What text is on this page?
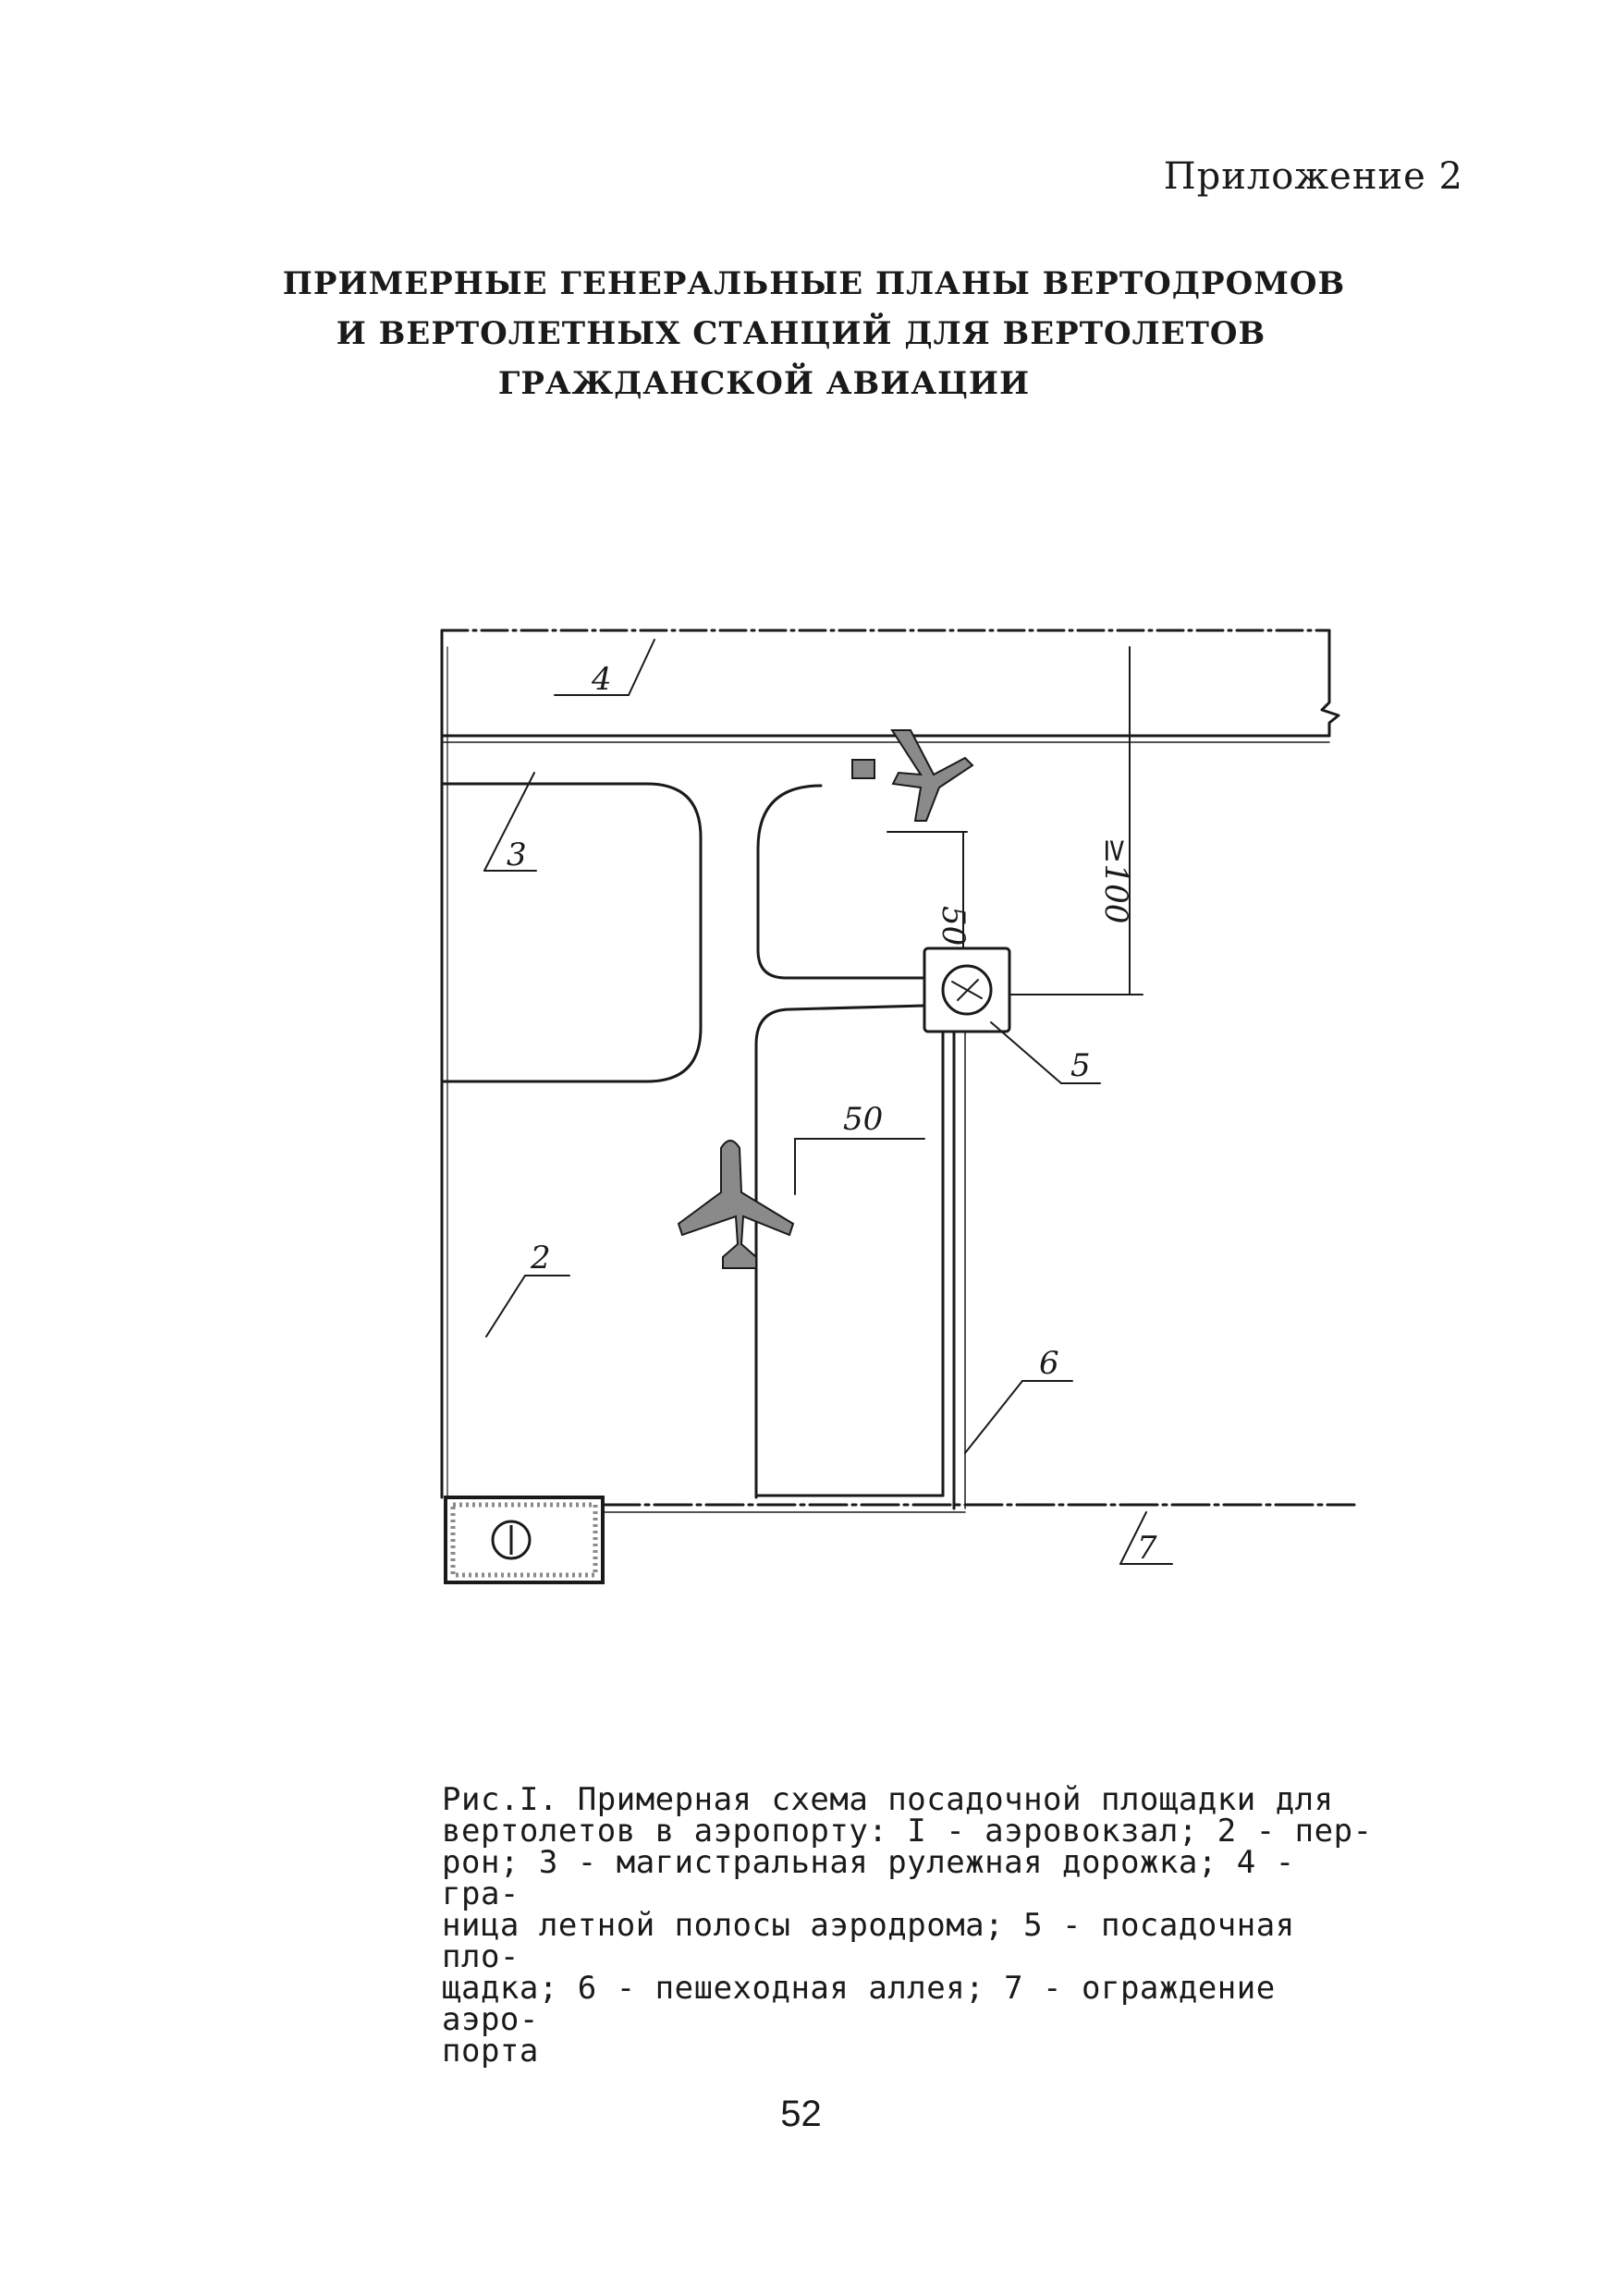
Приложение 2
ПРИМЕРНЫЕ ГЕНЕРАЛЬНЫЕ ПЛАНЫ ВЕРТОДРОМОВ
И ВЕРТОЛЕТНЫХ СТАНЦИЙ ДЛЯ ВЕРТОЛЕТОВ
ГРАЖДАНСКОЙ АВИАЦИИ
4
3
5
2
6
7
50
50
≥100
Рис.I. Примерная схема посадочной площадки для
вертолетов в аэропорту: I - аэровокзал; 2 - пер-
рон; 3 - магистральная рулежная дорожка; 4 - гра-
ница летной полосы аэродрома; 5 - посадочная пло-
щадка; 6 - пешеходная аллея; 7 - ограждение аэро-
порта
52
